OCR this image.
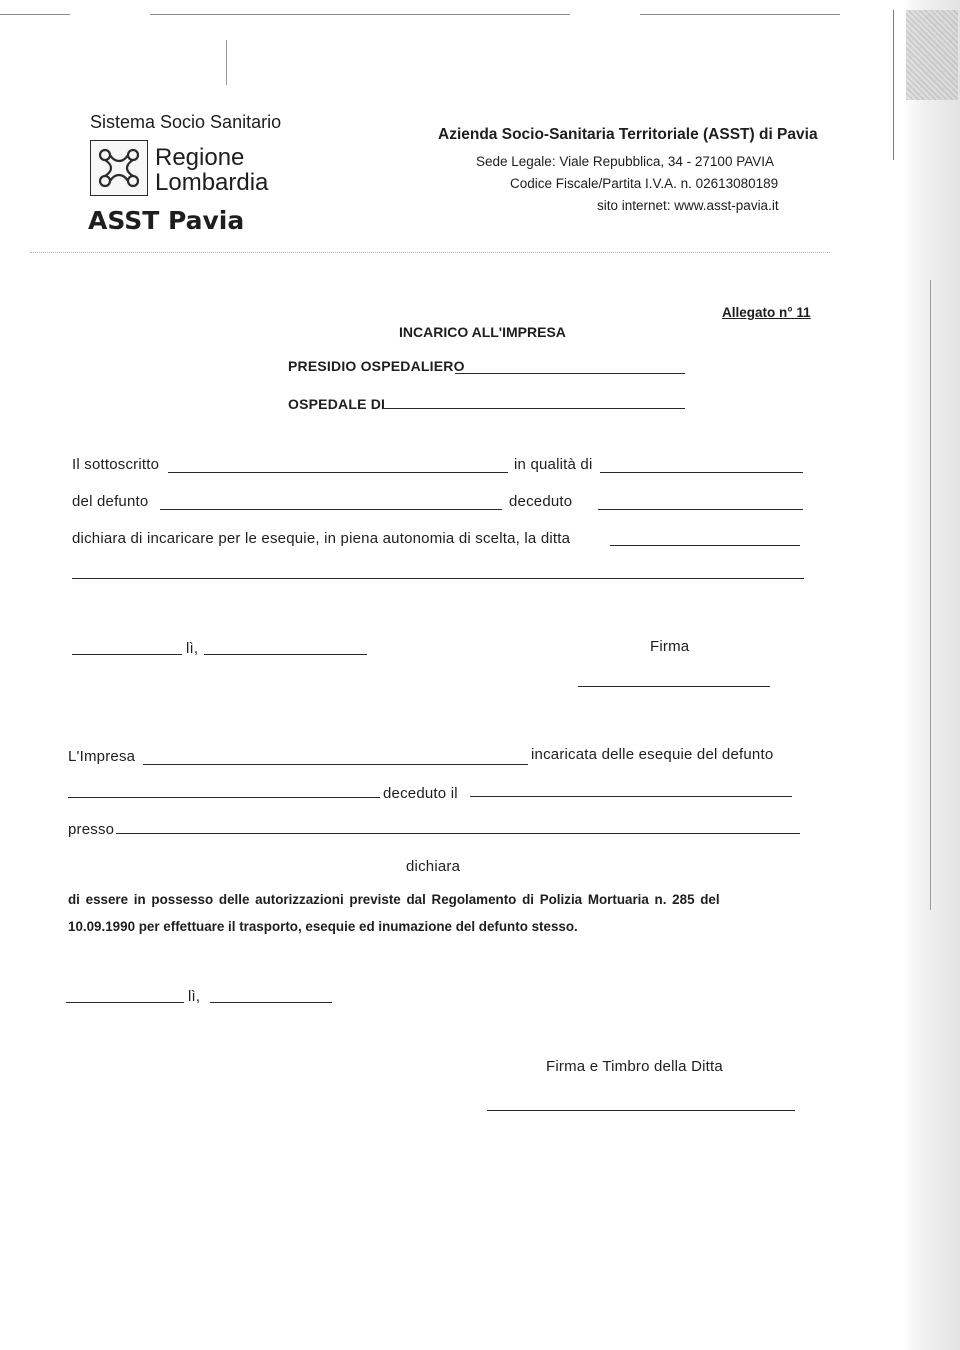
Sistema Socio Sanitario
Regione
Lombardia
ASST Pavia
Azienda Socio-Sanitaria Territoriale (ASST) di Pavia
Sede Legale: Viale Repubblica, 34 - 27100 PAVIA
Codice Fiscale/Partita I.V.A. n. 02613080189
sito internet: www.asst-pavia.it
Allegato n° 11
INCARICO ALL'IMPRESA
PRESIDIO OSPEDALIERO
OSPEDALE DI
Il sottoscritto	in qualità di
del defunto	deceduto
dichiara di incaricare per le esequie, in piena autonomia di scelta, la ditta
lì,	Firma
L'Impresa	incaricata delle esequie del defunto
deceduto il
presso
dichiara
di essere in possesso delle autorizzazioni previste dal Regolamento di Polizia Mortuaria n. 285 del
10.09.1990 per effettuare il trasporto, esequie ed inumazione del defunto stesso.
lì,
Firma e Timbro della Ditta
